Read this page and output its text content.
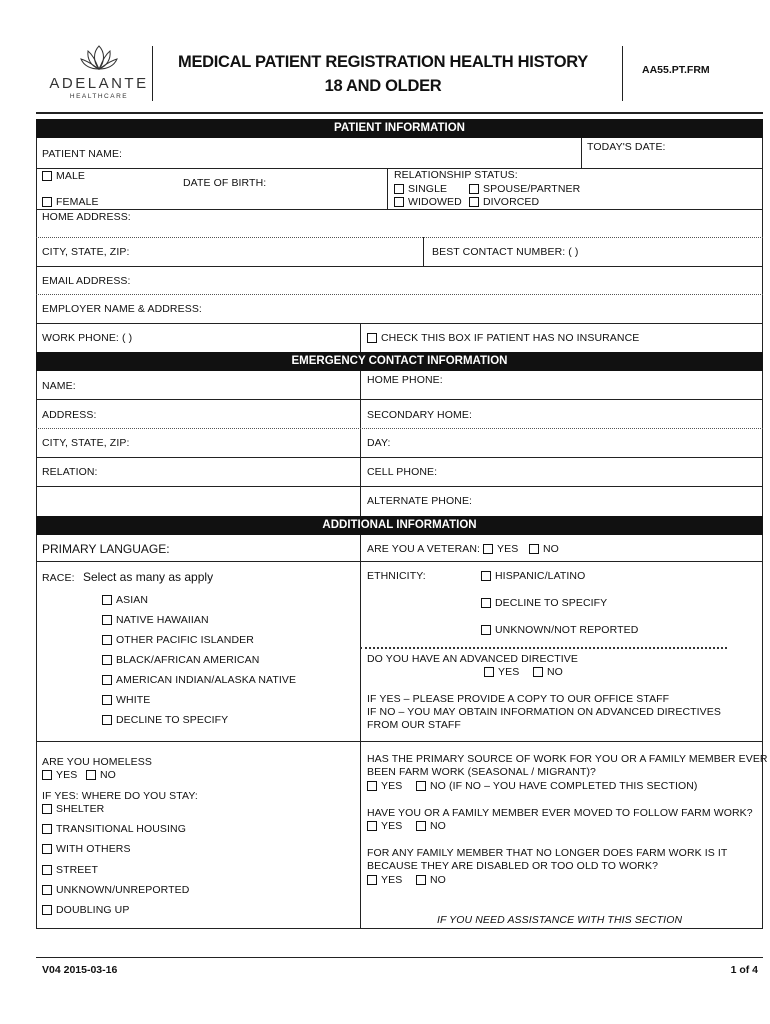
ADELANTE
HEALTHCARE
MEDICAL PATIENT REGISTRATION HEALTH HISTORY
18 AND OLDER
AA55.PT.FRM
PATIENT INFORMATION
TODAY'S DATE:
PATIENT NAME:
MALE
FEMALE
DATE OF BIRTH:
RELATIONSHIP STATUS:
SINGLE	SPOUSE/PARTNER
WIDOWED	DIVORCED
HOME ADDRESS:
CITY, STATE, ZIP:	BEST CONTACT NUMBER: ( )
EMAIL ADDRESS:
EMPLOYER NAME & ADDRESS:
WORK PHONE: ( )	CHECK THIS BOX IF PATIENT HAS NO INSURANCE
EMERGENCY CONTACT INFORMATION
NAME:	HOME PHONE:
ADDRESS:	SECONDARY HOME:
CITY, STATE, ZIP:	DAY:
RELATION:	CELL PHONE:
ALTERNATE PHONE:
ADDITIONAL INFORMATION
PRIMARY LANGUAGE:	ARE YOU A VETERAN:	YES	NO
RACE: Select as many as apply
ASIAN
NATIVE HAWAIIAN
OTHER PACIFIC ISLANDER
BLACK/AFRICAN AMERICAN
AMERICAN INDIAN/ALASKA NATIVE
WHITE
DECLINE TO SPECIFY
ETHNICITY:	HISPANIC/LATINO
DECLINE TO SPECIFY
UNKNOWN/NOT REPORTED
DO YOU HAVE AN ADVANCED DIRECTIVE
YES	NO
IF YES – PLEASE PROVIDE A COPY TO OUR OFFICE STAFF
IF NO – YOU MAY OBTAIN INFORMATION ON ADVANCED DIRECTIVES
FROM OUR STAFF
ARE YOU HOMELESS
YES	NO
IF YES: WHERE DO YOU STAY:
SHELTER
TRANSITIONAL HOUSING
WITH OTHERS
STREET
UNKNOWN/UNREPORTED
DOUBLING UP
HAS THE PRIMARY SOURCE OF WORK FOR YOU OR A FAMILY MEMBER EVER
BEEN FARM WORK (SEASONAL / MIGRANT)?
YES	NO (IF NO – YOU HAVE COMPLETED THIS SECTION)
HAVE YOU OR A FAMILY MEMBER EVER MOVED TO FOLLOW FARM WORK?
YES	NO
FOR ANY FAMILY MEMBER THAT NO LONGER DOES FARM WORK IS IT
BECAUSE THEY ARE DISABLED OR TOO OLD TO WORK?
YES	NO
IF YOU NEED ASSISTANCE WITH THIS SECTION
V04 2015-03-16	1 of 4
